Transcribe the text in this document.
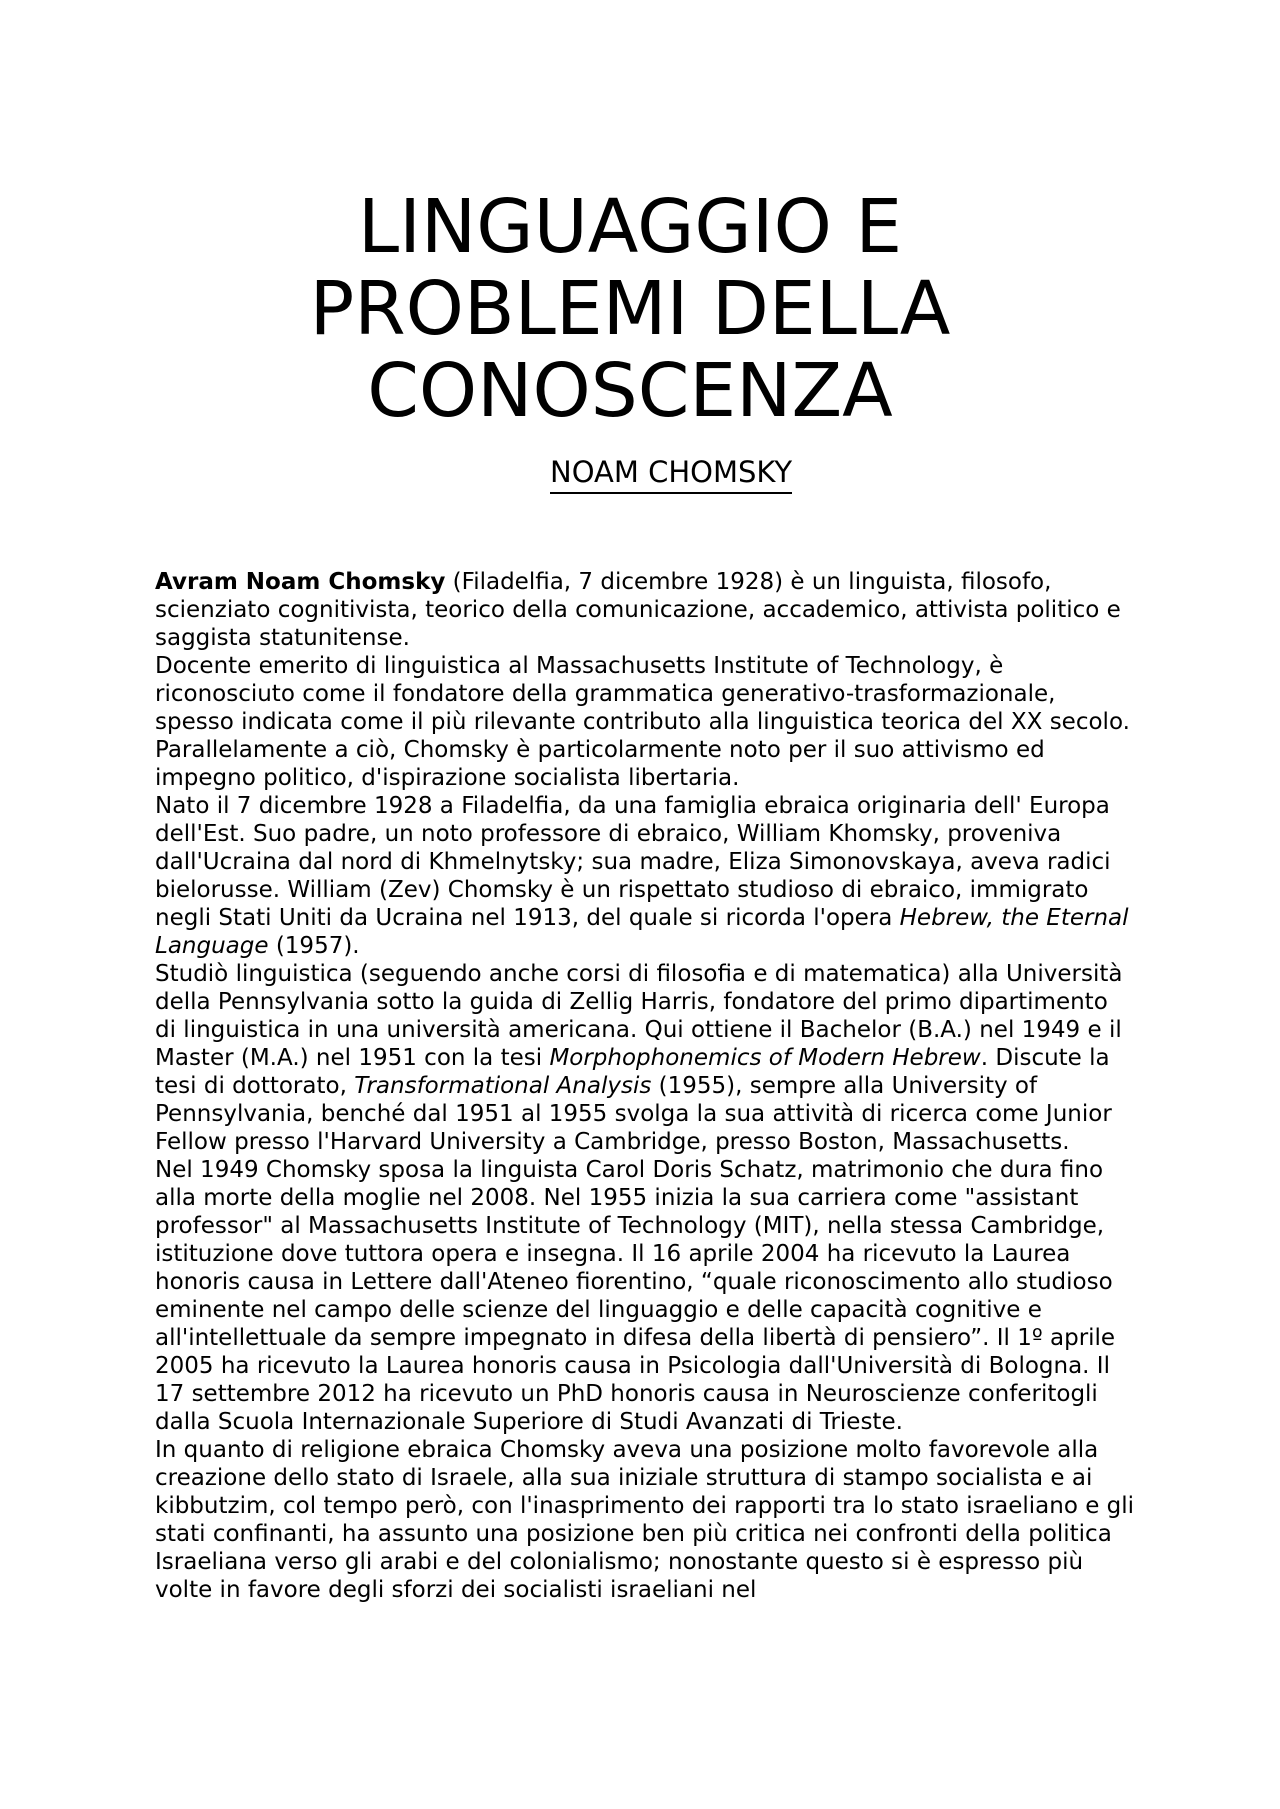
LINGUAGGIO E
PROBLEMI DELLA
CONOSCENZA
NOAM CHOMSKY

Avram Noam Chomsky (Filadelfia, 7 dicembre 1928) è un linguista, filosofo, scienziato cognitivista, teorico della comunicazione, accademico, attivista politico e saggista statunitense.

Docente emerito di linguistica al Massachusetts Institute of Technology, è riconosciuto come il fondatore della grammatica generativo-trasformazionale, spesso indicata come il più rilevante contributo alla linguistica teorica del XX secolo. Parallelamente a ciò, Chomsky è particolarmente noto per il suo attivismo ed impegno politico, d'ispirazione socialista libertaria.

Nato il 7 dicembre 1928 a Filadelfia, da una famiglia ebraica originaria dell' Europa dell'Est. Suo padre, un noto professore di ebraico, William Khomsky, proveniva dall'Ucraina dal nord di Khmelnytsky; sua madre, Eliza Simonovskaya, aveva radici bielorusse. William (Zev) Chomsky è un rispettato studioso di ebraico, immigrato negli Stati Uniti da Ucraina nel 1913, del quale si ricorda l'opera Hebrew, the Eternal Language (1957).

Studiò linguistica (seguendo anche corsi di filosofia e di matematica) alla Università della Pennsylvania sotto la guida di Zellig Harris, fondatore del primo dipartimento di linguistica in una università americana. Qui ottiene il Bachelor (B.A.) nel 1949 e il Master (M.A.) nel 1951 con la tesi Morphophonemics of Modern Hebrew. Discute la tesi di dottorato, Transformational Analysis (1955), sempre alla University of Pennsylvania, benché dal 1951 al 1955 svolga la sua attività di ricerca come Junior Fellow presso l'Harvard University a Cambridge, presso Boston, Massachusetts.

Nel 1949 Chomsky sposa la linguista Carol Doris Schatz, matrimonio che dura fino alla morte della moglie nel 2008. Nel 1955 inizia la sua carriera come "assistant professor" al Massachusetts Institute of Technology (MIT), nella stessa Cambridge, istituzione dove tuttora opera e insegna. Il 16 aprile 2004 ha ricevuto la Laurea honoris causa in Lettere dall'Ateneo fiorentino, “quale riconoscimento allo studioso eminente nel campo delle scienze del linguaggio e delle capacità cognitive e all'intellettuale da sempre impegnato in difesa della libertà di pensiero”. Il 1º aprile 2005 ha ricevuto la Laurea honoris causa in Psicologia dall'Università di Bologna. Il 17 settembre 2012 ha ricevuto un PhD honoris causa in Neuroscienze conferitogli dalla Scuola Internazionale Superiore di Studi Avanzati di Trieste.

In quanto di religione ebraica Chomsky aveva una posizione molto favorevole alla creazione dello stato di Israele, alla sua iniziale struttura di stampo socialista e ai kibbutzim, col tempo però, con l'inasprimento dei rapporti tra lo stato israeliano e gli stati confinanti, ha assunto una posizione ben più critica nei confronti della politica Israeliana verso gli arabi e del colonialismo; nonostante questo si è espresso più volte in favore degli sforzi dei socialisti israeliani nel
